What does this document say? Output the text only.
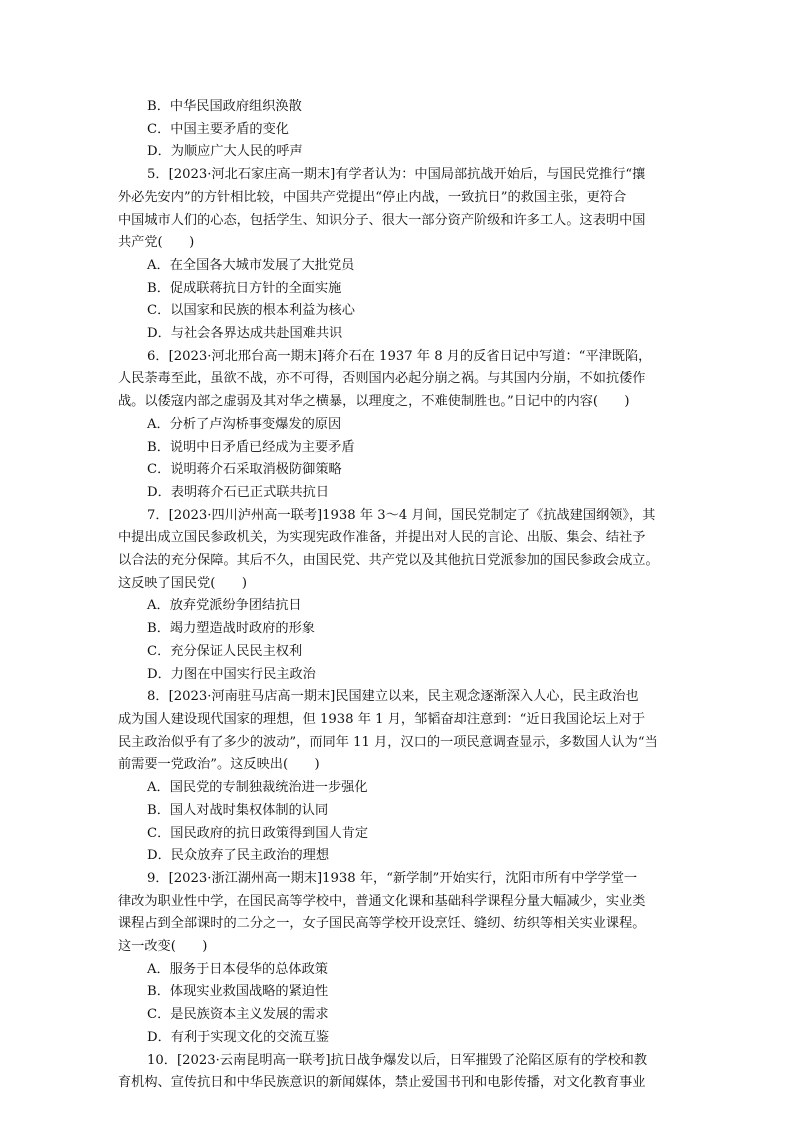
B．中华民国政府组织涣散
C．中国主要矛盾的变化
D．为顺应广大人民的呼声
5．[2023·河北石家庄高一期末]有学者认为：中国局部抗战开始后，与国民党推行“攘
外必先安内”的方针相比较，中国共产党提出“停止内战，一致抗日”的救国主张，更符合
中国城市人们的心态，包括学生、知识分子、很大一部分资产阶级和许多工人。这表明中国
共产党(　　)
A．在全国各大城市发展了大批党员
B．促成联蒋抗日方针的全面实施
C．以国家和民族的根本利益为核心
D．与社会各界达成共赴国难共识
6．[2023·河北邢台高一期末]蒋介石在 1937 年 8 月的反省日记中写道：“平津既陷，
人民荼毒至此，虽欲不战，亦不可得，否则国内必起分崩之祸。与其国内分崩，不如抗倭作
战。以倭寇内部之虚弱及其对华之横暴，以理度之，不难使制胜也。”日记中的内容(　　)
A．分析了卢沟桥事变爆发的原因
B．说明中日矛盾已经成为主要矛盾
C．说明蒋介石采取消极防御策略
D．表明蒋介石已正式联共抗日
7．[2023·四川泸州高一联考]1938 年 3～4 月间，国民党制定了《抗战建国纲领》，其
中提出成立国民参政机关，为实现宪政作准备，并提出对人民的言论、出版、集会、结社予
以合法的充分保障。其后不久，由国民党、共产党以及其他抗日党派参加的国民参政会成立。
这反映了国民党(　　)
A．放弃党派纷争团结抗日
B．竭力塑造战时政府的形象
C．充分保证人民民主权利
D．力图在中国实行民主政治
8．[2023·河南驻马店高一期末]民国建立以来，民主观念逐渐深入人心，民主政治也
成为国人建设现代国家的理想，但 1938 年 1 月，邹韬奋却注意到：“近日我国论坛上对于
民主政治似乎有了多少的波动”，而同年 11 月，汉口的一项民意调查显示，多数国人认为“当
前需要一党政治”。这反映出(　　)
A．国民党的专制独裁统治进一步强化
B．国人对战时集权体制的认同
C．国民政府的抗日政策得到国人肯定
D．民众放弃了民主政治的理想
9．[2023·浙江湖州高一期末]1938 年，“新学制”开始实行，沈阳市所有中学学堂一
律改为职业性中学，在国民高等学校中，普通文化课和基础科学课程分量大幅减少，实业类
课程占到全部课时的二分之一，女子国民高等学校开设烹饪、缝纫、纺织等相关实业课程。
这一改变(　　)
A．服务于日本侵华的总体政策
B．体现实业救国战略的紧迫性
C．是民族资本主义发展的需求
D．有利于实现文化的交流互鉴
10．[2023·云南昆明高一联考]抗日战争爆发以后，日军摧毁了沦陷区原有的学校和教
育机构、宣传抗日和中华民族意识的新闻媒体，禁止爱国书刊和电影传播，对文化教育事业
